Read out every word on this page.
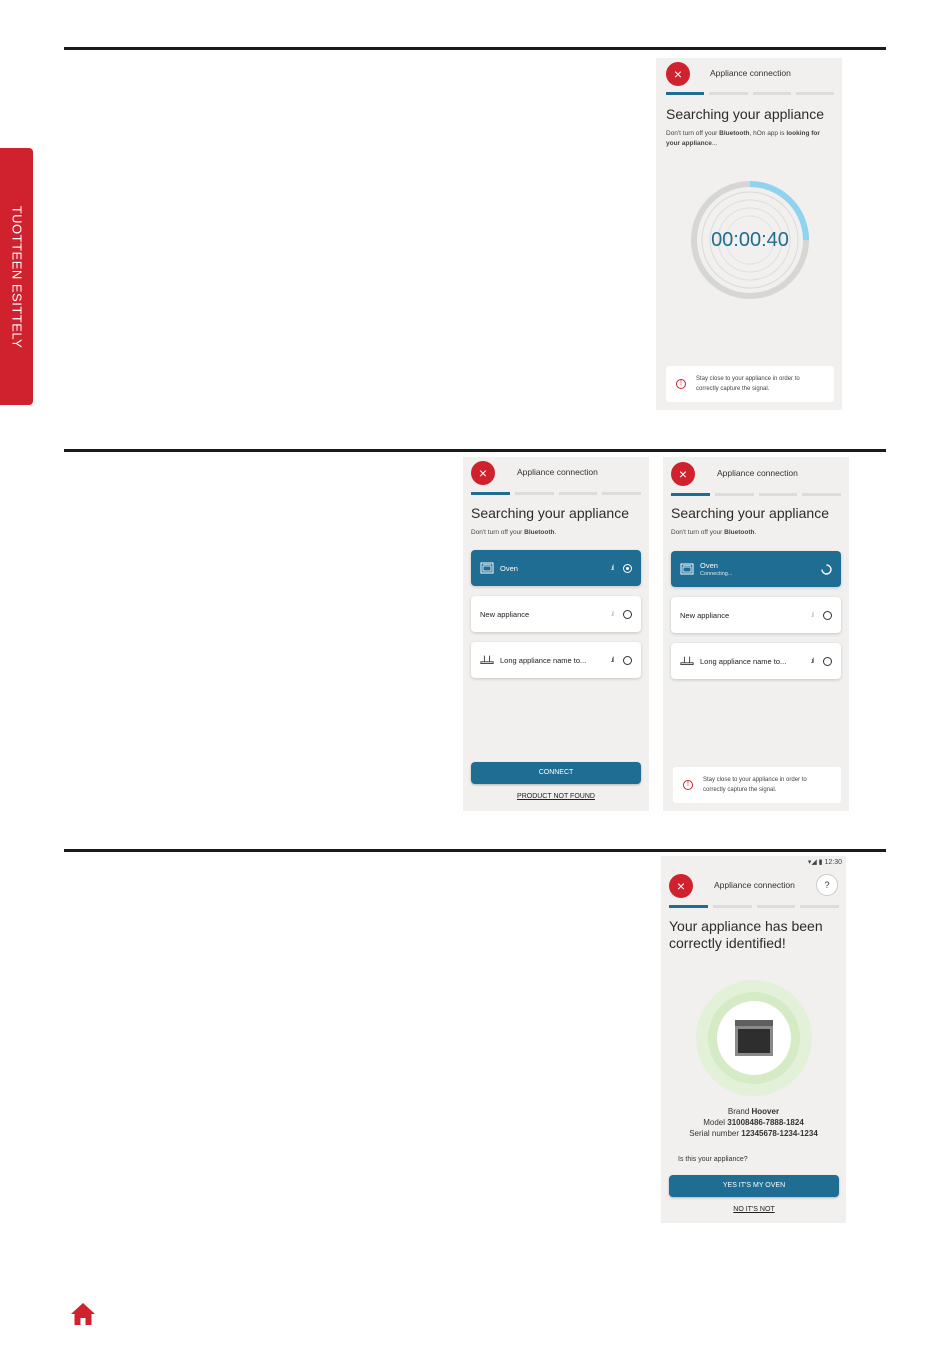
TUOTTEEN ESITTELY
×	Appliance connection
Searching your appliance
Don't turn off your Bluetooth, hOn app is looking for your appliance...
00:00:40
!
Stay close to your appliance in order to correctly capture the signal.
×	Appliance connection
Searching your appliance
Don't turn off your Bluetooth.
Oven	.ıl
New appliance	.ıl
Long appliance name to...	.ıl
CONNECT
PRODUCT NOT FOUND
×	Appliance connection
Searching your appliance
Don't turn off your Bluetooth.
Oven
Connecting...
New appliance	.ıl
Long appliance name to...	.ıl
!
Stay close to your appliance in order to correctly capture the signal.
▾◢ ▮ 12:30
×	Appliance connection	?
Your appliance has been
correctly identified!
Brand Hoover
Model 31008486-7888-1824
Serial number 12345678-1234-1234
Is this your appliance?
YES IT'S MY OVEN
NO IT'S NOT
